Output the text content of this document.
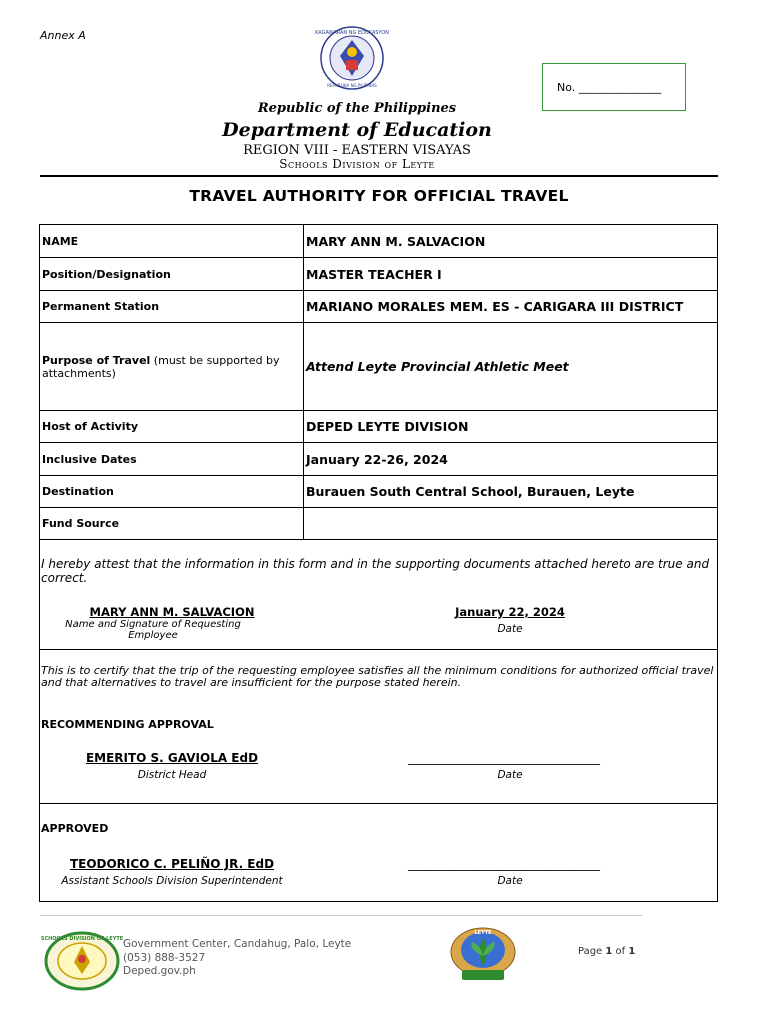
Annex A	KAGAWARAN NG EDUKASYON
REPUBLIKA NG PILIPINAS	No. _______________
Republic of the Philippines
Department of Education
REGION VIII - EASTERN VISAYAS
Schools Division of Leyte
TRAVEL AUTHORITY FOR OFFICIAL TRAVEL
NAME	MARY ANN M. SALVACION
Position/Designation	MASTER TEACHER I
Permanent Station	MARIANO MORALES MEM. ES - CARIGARA III DISTRICT
Purpose of Travel (must be supported by attachments)	Attend Leyte Provincial Athletic Meet
Host of Activity	DEPED LEYTE DIVISION
Inclusive Dates	January 22-26, 2024
Destination	Burauen South Central School, Burauen, Leyte
Fund Source	
I hereby attest that the information in this form and in the supporting documents attached hereto are true and correct.
MARY ANN M. SALVACION
Name and Signature of Requesting Employee
January 22, 2024
Date
This is to certify that the trip of the requesting employee satisfies all the minimum conditions for authorized official travel and that alternatives to travel are insufficient for the purpose stated herein.
RECOMMENDING APPROVAL
EMERITO S. GAVIOLA EdD
District Head
________________________________
Date
APPROVED
TEODORICO C. PELIÑO JR. EdD
Assistant Schools Division Superintendent
________________________________
Date
SCHOOLS DIVISION OF LEYTE Government Center, Candahug, Palo, Leyte
(053) 888-3527
Deped.gov.ph
LEYTE
Page 1 of 1
